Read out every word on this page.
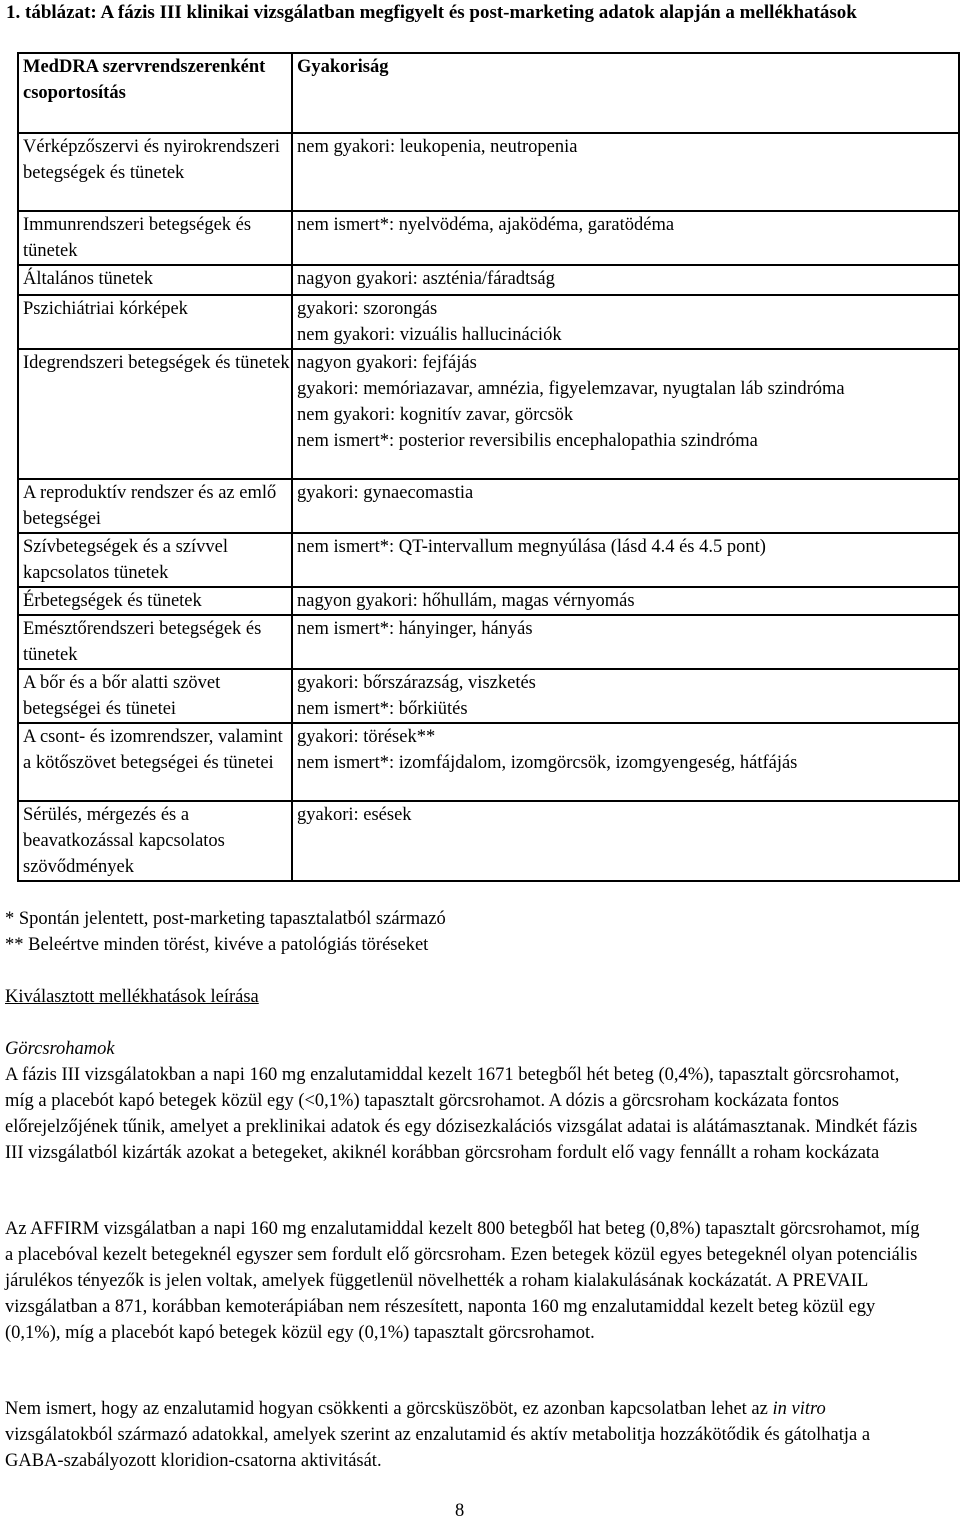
1. táblázat: A fázis III klinikai vizsgálatban megfigyelt és post-marketing adatok alapján a mellékhatások
MedDRA szervrendszerenként csoportosítás	Gyakoriság
Vérképzőszervi és nyirokrendszeri betegségek és tünetek	nem gyakori: leukopenia, neutropenia

Immunrendszeri betegségek és tünetek	nem ismert*: nyelvödéma, ajaködéma, garatödéma

Általános tünetek	nagyon gyakori: aszténia/fáradtság

Pszichiátriai kórképek	gyakori: szorongás
nem gyakori: vizuális hallucinációk

Idegrendszeri betegségek és tünetek	nagyon gyakori: fejfájás
gyakori: memóriazavar, amnézia, figyelemzavar, nyugtalan láb szindróma
nem gyakori: kognitív zavar, görcsök
nem ismert*: posterior reversibilis encephalopathia szindróma

A reproduktív rendszer és az emlő betegségei	gyakori: gynaecomastia

Szívbetegségek és a szívvel kapcsolatos tünetek	nem ismert*: QT-intervallum megnyúlása (lásd 4.4 és 4.5 pont)

Érbetegségek és tünetek	nagyon gyakori: hőhullám, magas vérnyomás

Emésztőrendszeri betegségek és tünetek	nem ismert*: hányinger, hányás

A bőr és a bőr alatti szövet betegségei és tünetei	gyakori: bőrszárazság, viszketés
nem ismert*: bőrkiütés

A csont- és izomrendszer, valamint a kötőszövet betegségei és tünetei	gyakori: törések**
nem ismert*: izomfájdalom, izomgörcsök, izomgyengeség, hátfájás

Sérülés, mérgezés és a beavatkozással kapcsolatos szövődmények	gyakori: esések
* Spontán jelentett, post-marketing tapasztalatból származó
** Beleértve minden törést, kivéve a patológiás töréseket
Kiválasztott mellékhatások leírása
Görcsrohamok
A fázis III vizsgálatokban a napi 160 mg enzalutamiddal kezelt 1671 betegből hét beteg (0,4%), tapasztalt görcsrohamot, míg a placebót kapó betegek közül egy (<0,1%) tapasztalt görcsrohamot. A dózis a görcsroham kockázata fontos előrejelzőjének tűnik, amelyet a preklinikai adatok és egy dózisezkalációs vizsgálat adatai is alátámasztanak. Mindkét fázis III vizsgálatból kizárták azokat a betegeket, akiknél korábban görcsroham fordult elő vagy fennállt a roham kockázata
Az AFFIRM vizsgálatban a napi 160 mg enzalutamiddal kezelt 800 betegből hat beteg (0,8%) tapasztalt görcsrohamot, míg a placebóval kezelt betegeknél egyszer sem fordult elő görcsroham. Ezen betegek közül egyes betegeknél olyan potenciális járulékos tényezők is jelen voltak, amelyek függetlenül növelhették a roham kialakulásának kockázatát. A PREVAIL vizsgálatban a 871, korábban kemoterápiában nem részesített, naponta 160 mg enzalutamiddal kezelt beteg közül egy (0,1%), míg a placebót kapó betegek közül egy (0,1%) tapasztalt görcsrohamot.
Nem ismert, hogy az enzalutamid hogyan csökkenti a görcsküszöböt, ez azonban kapcsolatban lehet az in vitro vizsgálatokból származó adatokkal, amelyek szerint az enzalutamid és aktív metabolitja hozzákötődik és gátolhatja a GABA-szabályozott kloridion-csatorna aktivitását.
8
